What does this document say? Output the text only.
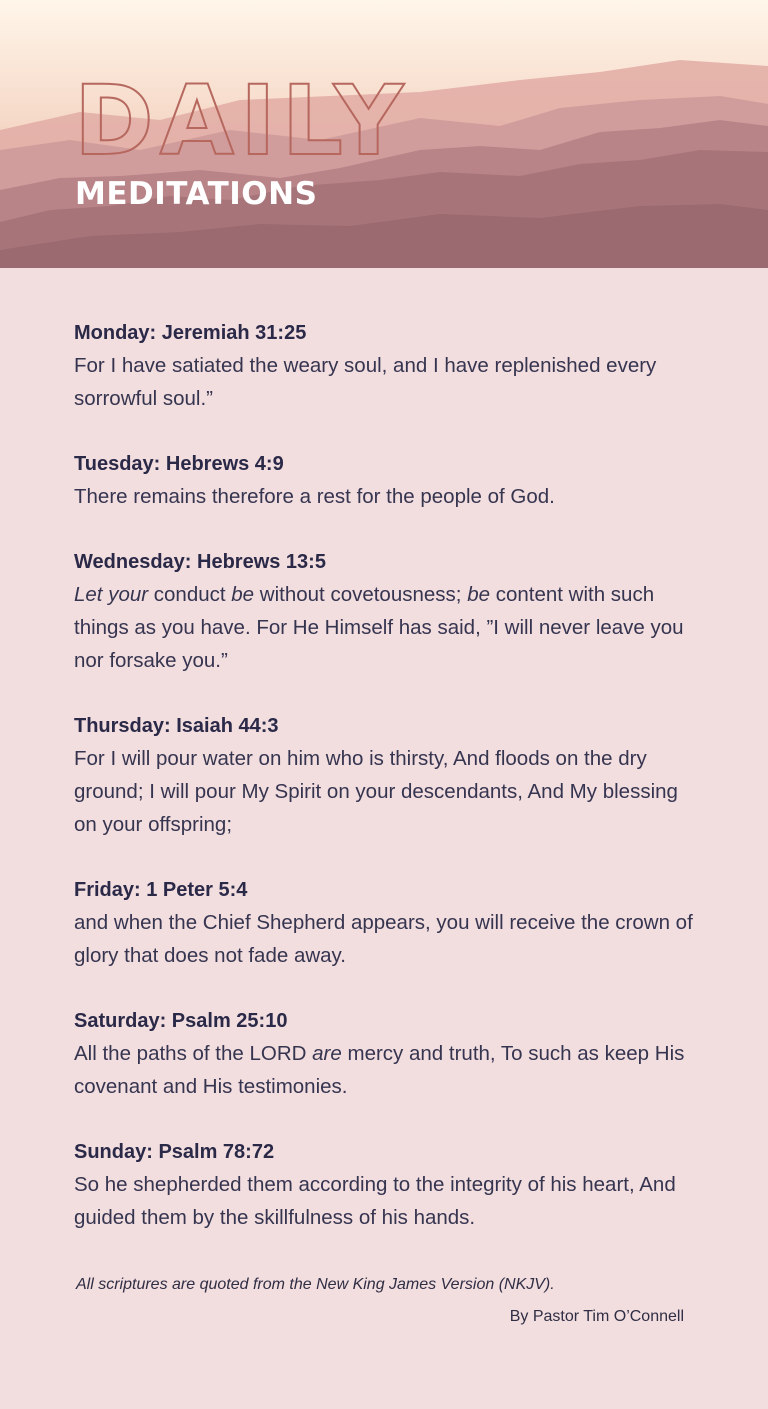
DAILY
MEDITATIONS

Monday: Jeremiah 31:25

For I have satiated the weary soul, and I have replenished every sorrowful soul.”

Tuesday: Hebrews 4:9

There remains therefore a rest for the people of God.

Wednesday: Hebrews 13:5

Let your conduct be without covetousness; be content with such things as you have. For He Himself has said, ”I will never leave you nor forsake you.”

Thursday: Isaiah 44:3

For I will pour water on him who is thirsty, And floods on the dry ground; I will pour My Spirit on your descendants, And My blessing on your offspring;

Friday: 1 Peter 5:4

and when the Chief Shepherd appears, you will receive the crown of glory that does not fade away.

Saturday: Psalm 25:10

All the paths of the LORD are mercy and truth, To such as keep His covenant and His testimonies.

Sunday: Psalm 78:72

So he shepherded them according to the integrity of his heart, And guided them by the skillfulness of his hands.

All scriptures are quoted from the New King James Version (NKJV).
By Pastor Tim O’Connell
